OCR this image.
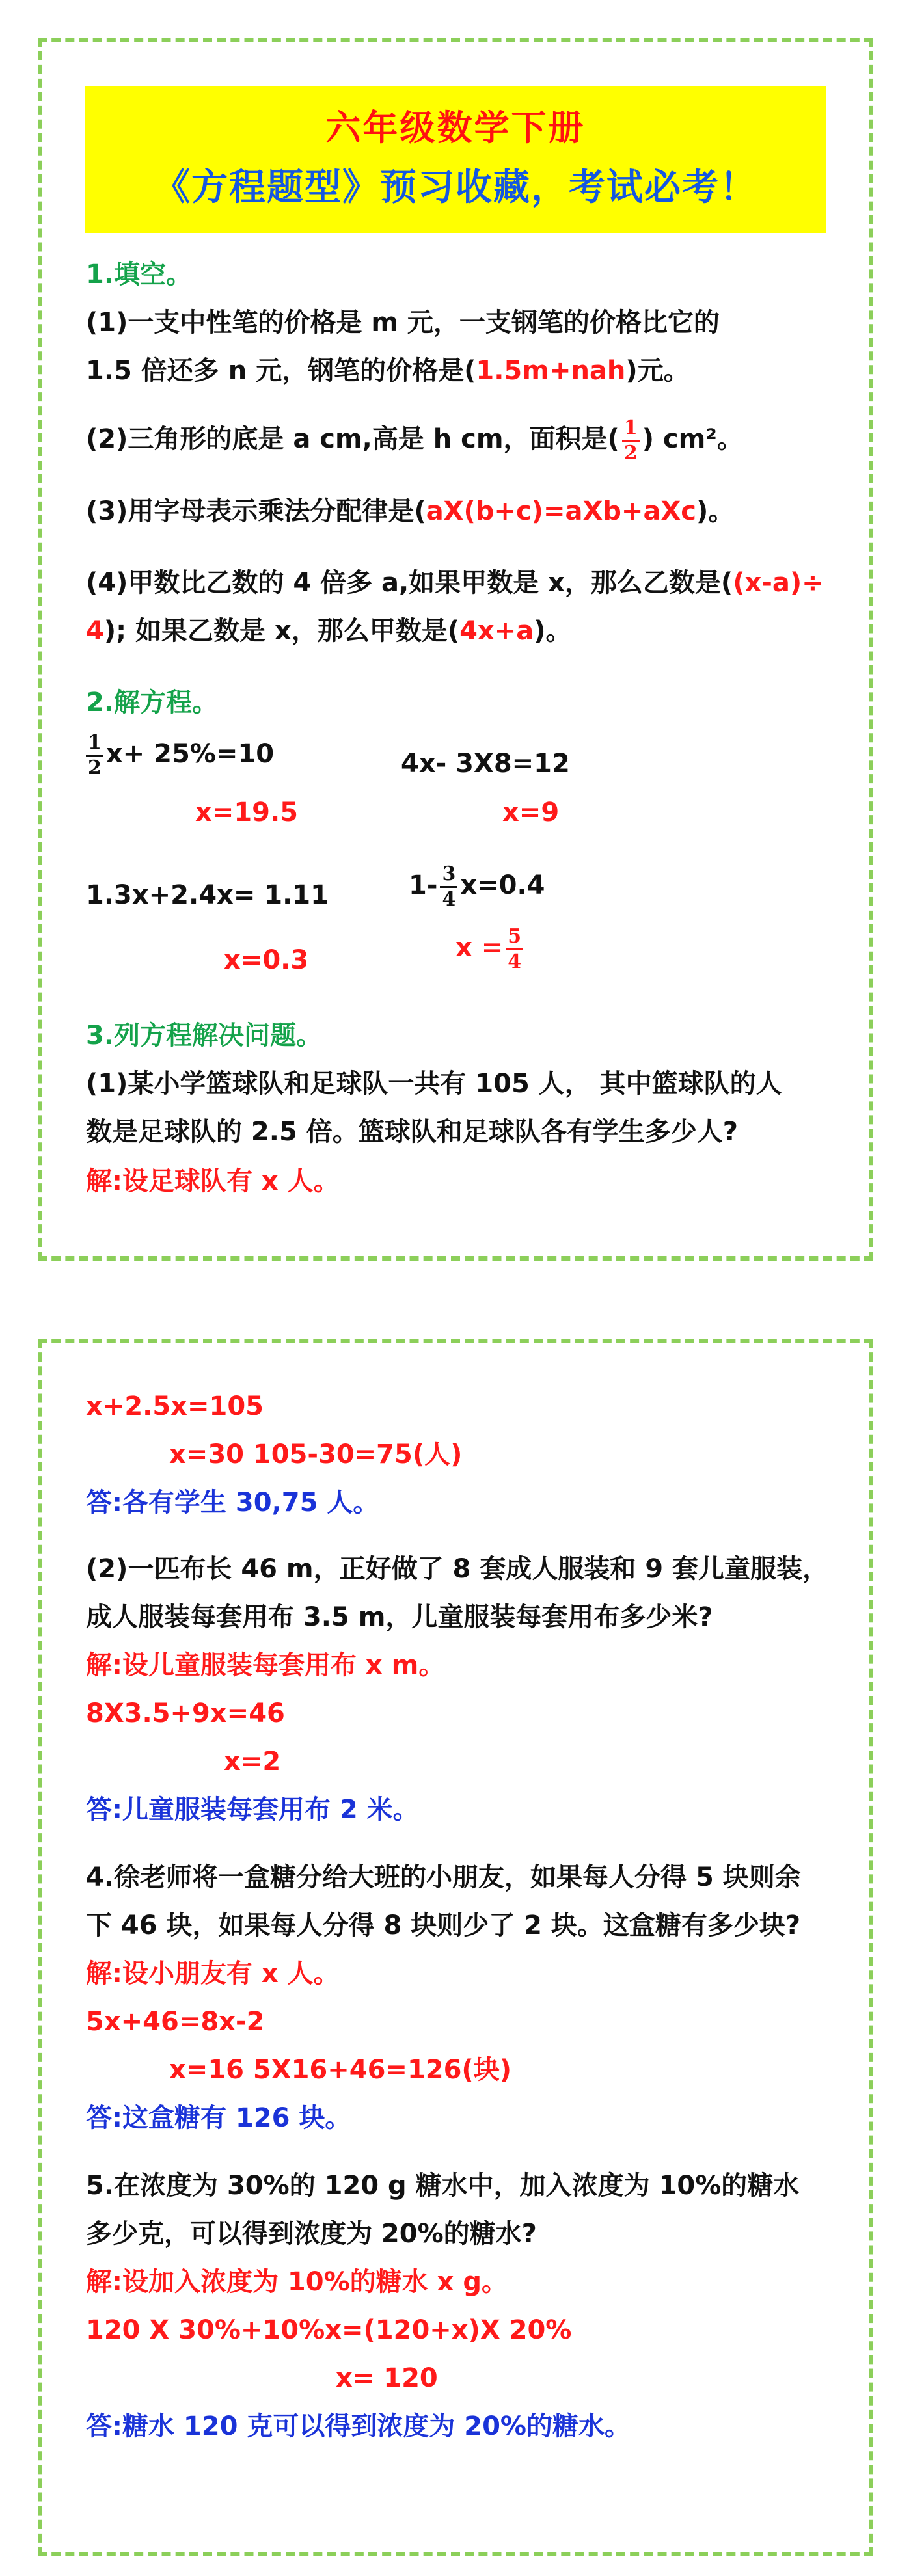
六年级数学下册
《方程题型》预习收藏，考试必考！
1.填空。
(1)一支中性笔的价格是 m 元，一支钢笔的价格比它的
1.5 倍还多 n 元，钢笔的价格是(1.5m+nah)元。
(2)三角形的底是 a cm,高是 h cm，面积是( $\frac{1}{2}$ ) cm²。
(3)用字母表示乘法分配律是(aX(b+c)=aXb+aXc)。
(4)甲数比乙数的 4 倍多 a,如果甲数是 x，那么乙数是((x-a)÷
4); 如果乙数是 x，那么甲数是(4x+a)。
2.解方程。
$\frac{1}{2} x+ 25\%=10$
x=19.5
4x- 3X8=12
x=9
1.3x+2.4x= 1.11
x=0.3
$1- \frac{3}{4} x=0.4$
$x = \frac{5}{4}$
3.列方程解决问题。
(1)某小学篮球队和足球队一共有 105 人， 其中篮球队的人
数是足球队的 2.5 倍。篮球队和足球队各有学生多少人?
解:设足球队有 x 人。
x+2.5x=105
x=30 105-30=75(人)
答:各有学生 30,75 人。
(2)一匹布长 46 m，正好做了 8 套成人服装和 9 套儿童服装，
成人服装每套用布 3.5 m，儿童服装每套用布多少米?
解:设儿童服装每套用布 x m。
8X3.5+9x=46
x=2
答:儿童服装每套用布 2 米。
4.徐老师将一盒糖分给大班的小朋友，如果每人分得 5 块则余
下 46 块，如果每人分得 8 块则少了 2 块。这盒糖有多少块?
解:设小朋友有 x 人。
5x+46=8x-2
x=16 5X16+46=126(块)
答:这盒糖有 126 块。
5.在浓度为 30%的 120 g 糖水中，加入浓度为 10%的糖水
多少克，可以得到浓度为 20%的糖水?
解:设加入浓度为 10%的糖水 x g。
120 X 30%+10%x=(120+x)X 20%
x= 120
答:糖水 120 克可以得到浓度为 20%的糖水。
